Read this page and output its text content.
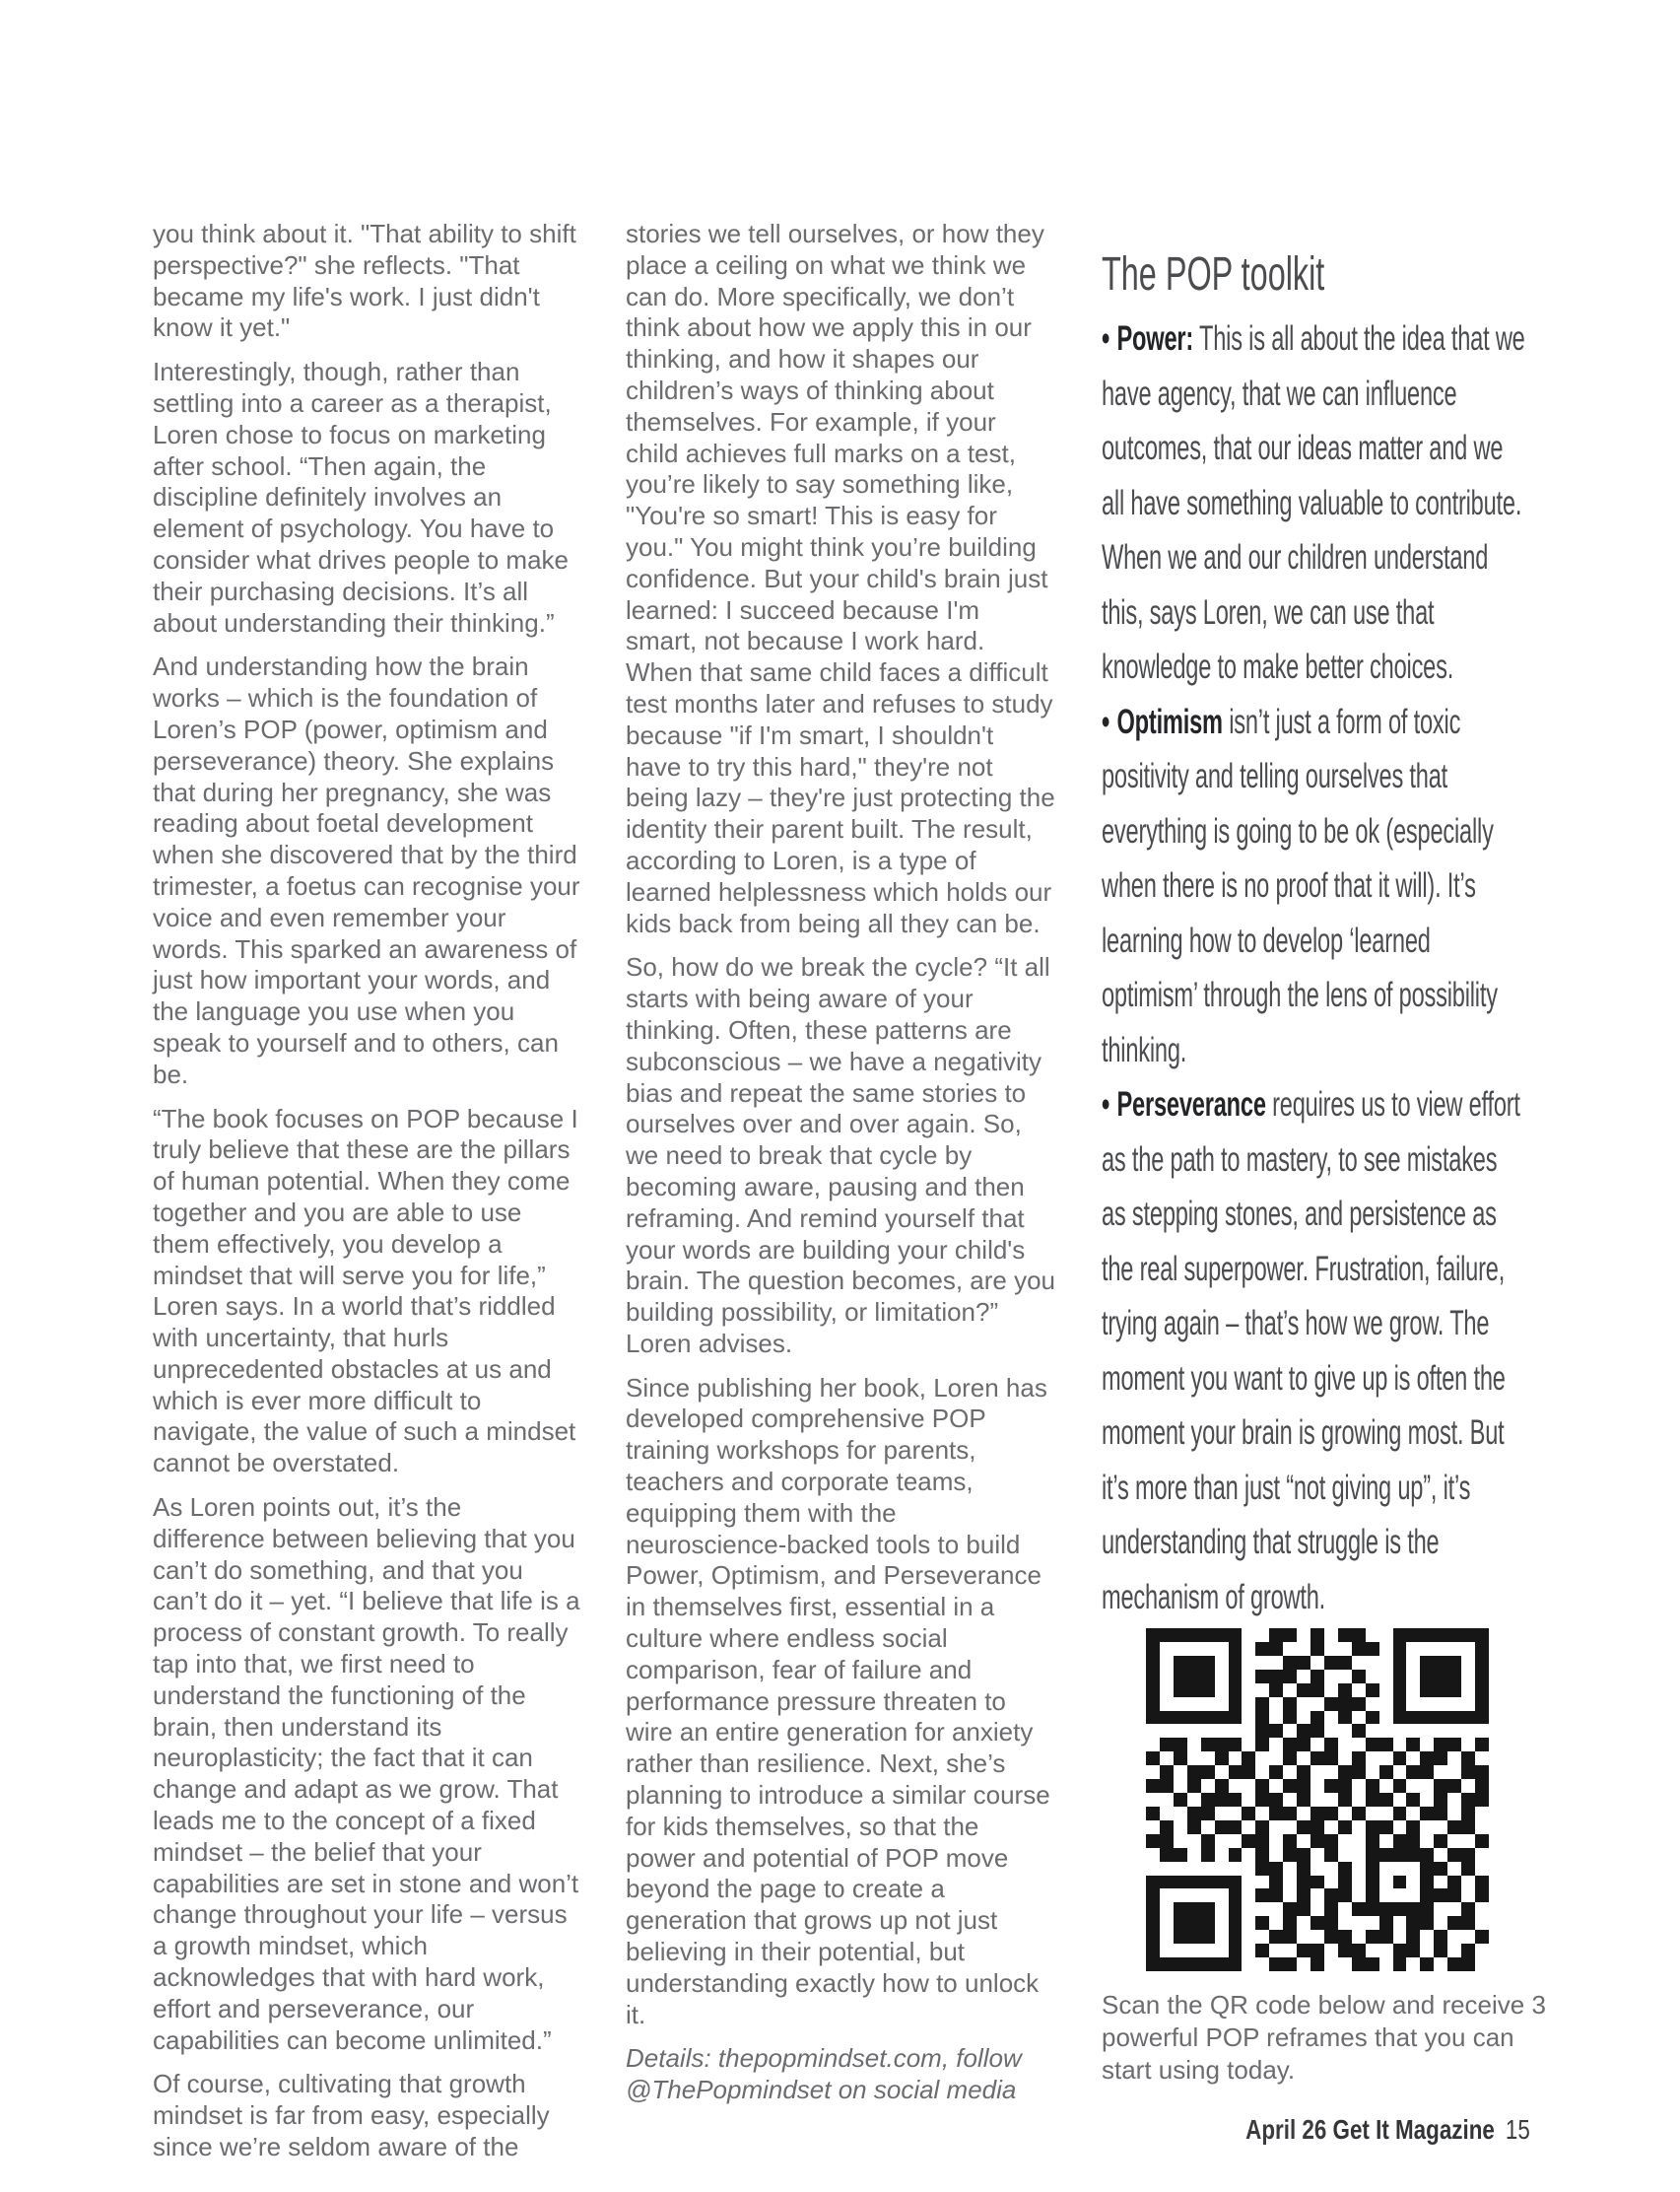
you think about it. "That ability to shift perspective?" she reflects. "That became my life's work. I just didn't know it yet."

Interestingly, though, rather than settling into a career as a therapist, Loren chose to focus on marketing after school. “Then again, the discipline definitely involves an element of psychology. You have to consider what drives people to make their purchasing decisions. It’s all about understanding their thinking.”

And understanding how the brain works – which is the foundation of Loren’s POP (power, optimism and perseverance) theory. She explains that during her pregnancy, she was reading about foetal development when she discovered that by the third trimester, a foetus can recognise your voice and even remember your words. This sparked an awareness of just how important your words, and the language you use when you speak to yourself and to others, can be.

“The book focuses on POP because I truly believe that these are the pillars of human potential. When they come together and you are able to use them effectively, you develop a mindset that will serve you for life,” Loren says. In a world that’s riddled with uncertainty, that hurls unprecedented obstacles at us and which is ever more difficult to navigate, the value of such a mindset cannot be overstated.

As Loren points out, it’s the difference between believing that you can’t do something, and that you can’t do it – yet. “I believe that life is a process of constant growth. To really tap into that, we first need to understand the functioning of the brain, then understand its neuroplasticity; the fact that it can change and adapt as we grow. That leads me to the concept of a fixed mindset – the belief that your capabilities are set in stone and won’t change throughout your life – versus a growth mindset, which acknowledges that with hard work, effort and perseverance, our capabilities can become unlimited.”

Of course, cultivating that growth mindset is far from easy, especially since we’re seldom aware of the

stories we tell ourselves, or how they place a ceiling on what we think we can do. More specifically, we don’t think about how we apply this in our thinking, and how it shapes our children’s ways of thinking about themselves. For example, if your child achieves full marks on a test, you’re likely to say something like, "You're so smart! This is easy for you." You might think you’re building confidence. But your child's brain just learned: I succeed because I'm smart, not because I work hard. When that same child faces a difficult test months later and refuses to study because "if I'm smart, I shouldn't have to try this hard," they're not being lazy – they're just protecting the identity their parent built. The result, according to Loren, is a type of learned helplessness which holds our kids back from being all they can be.

So, how do we break the cycle? “It all starts with being aware of your thinking. Often, these patterns are subconscious – we have a negativity bias and repeat the same stories to ourselves over and over again. So, we need to break that cycle by becoming aware, pausing and then reframing. And remind yourself that your words are building your child's brain. The question becomes, are you building possibility, or limitation?” Loren advises.

Since publishing her book, Loren has developed comprehensive POP training workshops for parents, teachers and corporate teams, equipping them with the neuroscience-backed tools to build Power, Optimism, and Perseverance in themselves first, essential in a culture where endless social comparison, fear of failure and performance pressure threaten to wire an entire generation for anxiety rather than resilience. Next, she’s planning to introduce a similar course for kids themselves, so that the power and potential of POP move beyond the page to create a generation that grows up not just believing in their potential, but understanding exactly how to unlock it.

Details: thepopmindset.com, follow @ThePopmindset on social media

The POP toolkit

• Power: This is all about the idea that we have agency, that we can influence outcomes, that our ideas matter and we all have something valuable to contribute. When we and our children understand this, says Loren, we can use that knowledge to make better choices.

• Optimism isn’t just a form of toxic positivity and telling ourselves that everything is going to be ok (especially when there is no proof that it will). It’s learning how to develop ‘learned optimism’ through the lens of possibility thinking.

• Perseverance requires us to view effort as the path to mastery, to see mistakes as stepping stones, and persistence as the real superpower. Frustration, failure, trying again – that’s how we grow. The moment you want to give up is often the moment your brain is growing most. But it’s more than just “not giving up”, it’s understanding that struggle is the mechanism of growth.

Scan the QR code below and receive 3 powerful POP reframes that you can start using today.

April 26 Get It Magazine 15
